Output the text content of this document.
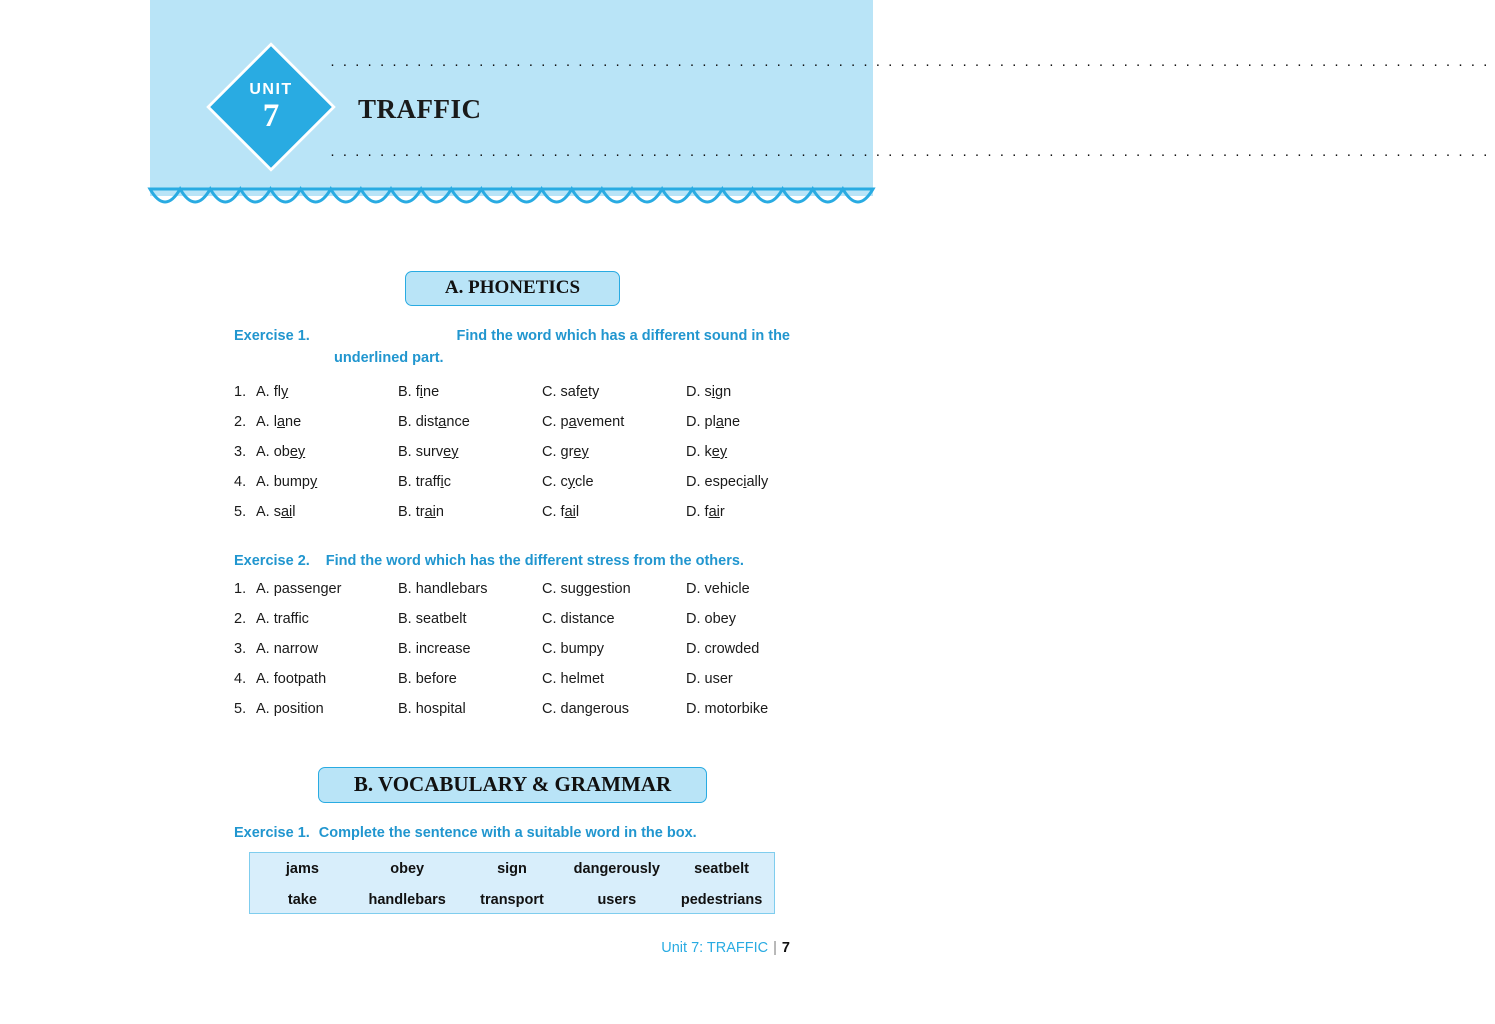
······························································································
······························································································
TRAFFIC
UNIT
7
A. PHONETICS
Exercise 1.	Find the word which has a different sound in the
underlined part.
1. A. fly	B. fine	C. safety	D. sign
2. A. lane	B. distance	C. pavement	D. plane
3. A. obey	B. survey	C. grey	D. key
4. A. bumpy	B. traffic	C. cycle	D. especially
5. A. sail	B. train	C. fail	D. fair
Exercise 2. Find the word which has the different stress from the others.
1. A. passenger	B. handlebars	C. suggestion	D. vehicle
2. A. traffic	B. seatbelt	C. distance	D. obey
3. A. narrow	B. increase	C. bumpy	D. crowded
4. A. footpath	B. before	C. helmet	D. user
5. A. position	B. hospital	C. dangerous	D. motorbike
B. VOCABULARY & GRAMMAR
Exercise 1. Complete the sentence with a suitable word in the box.
jams	obey	sign	dangerously	seatbelt
take	handlebars	transport	users	pedestrians
Unit 7: TRAFFIC | 7
